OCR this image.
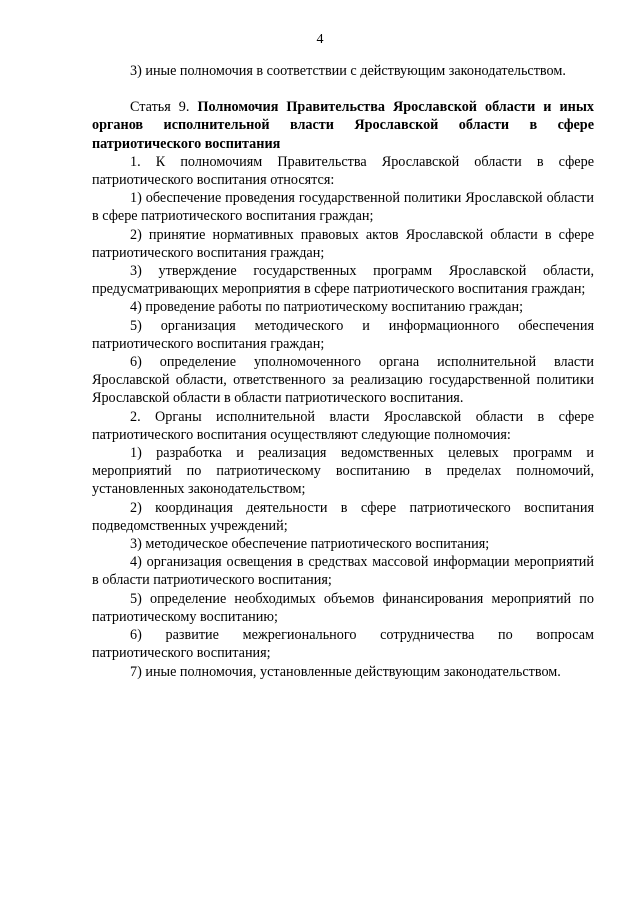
4

3) иные полномочия в соответствии с действующим законодательством.

Статья 9. Полномочия Правительства Ярославской области и иных органов исполнительной власти Ярославской области в сфере патриотического воспитания

1. К полномочиям Правительства Ярославской области в сфере патриотического воспитания относятся:

1) обеспечение проведения государственной политики Ярославской области в сфере патриотического воспитания граждан;

2) принятие нормативных правовых актов Ярославской области в сфере патриотического воспитания граждан;

3) утверждение государственных программ Ярославской области, предусматривающих мероприятия в сфере патриотического воспитания граждан;

4) проведение работы по патриотическому воспитанию граждан;

5) организация методического и информационного обеспечения патриотического воспитания граждан;

6) определение уполномоченного органа исполнительной власти Ярославской области, ответственного за реализацию государственной политики Ярославской области в области патриотического воспитания.

2. Органы исполнительной власти Ярославской области в сфере патриотического воспитания осуществляют следующие полномочия:

1) разработка и реализация ведомственных целевых программ и мероприятий по патриотическому воспитанию в пределах полномочий, установленных законодательством;

2) координация деятельности в сфере патриотического воспитания подведомственных учреждений;

3) методическое обеспечение патриотического воспитания;

4) организация освещения в средствах массовой информации мероприятий в области патриотического воспитания;

5) определение необходимых объемов финансирования мероприятий по патриотическому воспитанию;

6) развитие межрегионального сотрудничества по вопросам патриотического воспитания;

7) иные полномочия, установленные действующим законодательством.
